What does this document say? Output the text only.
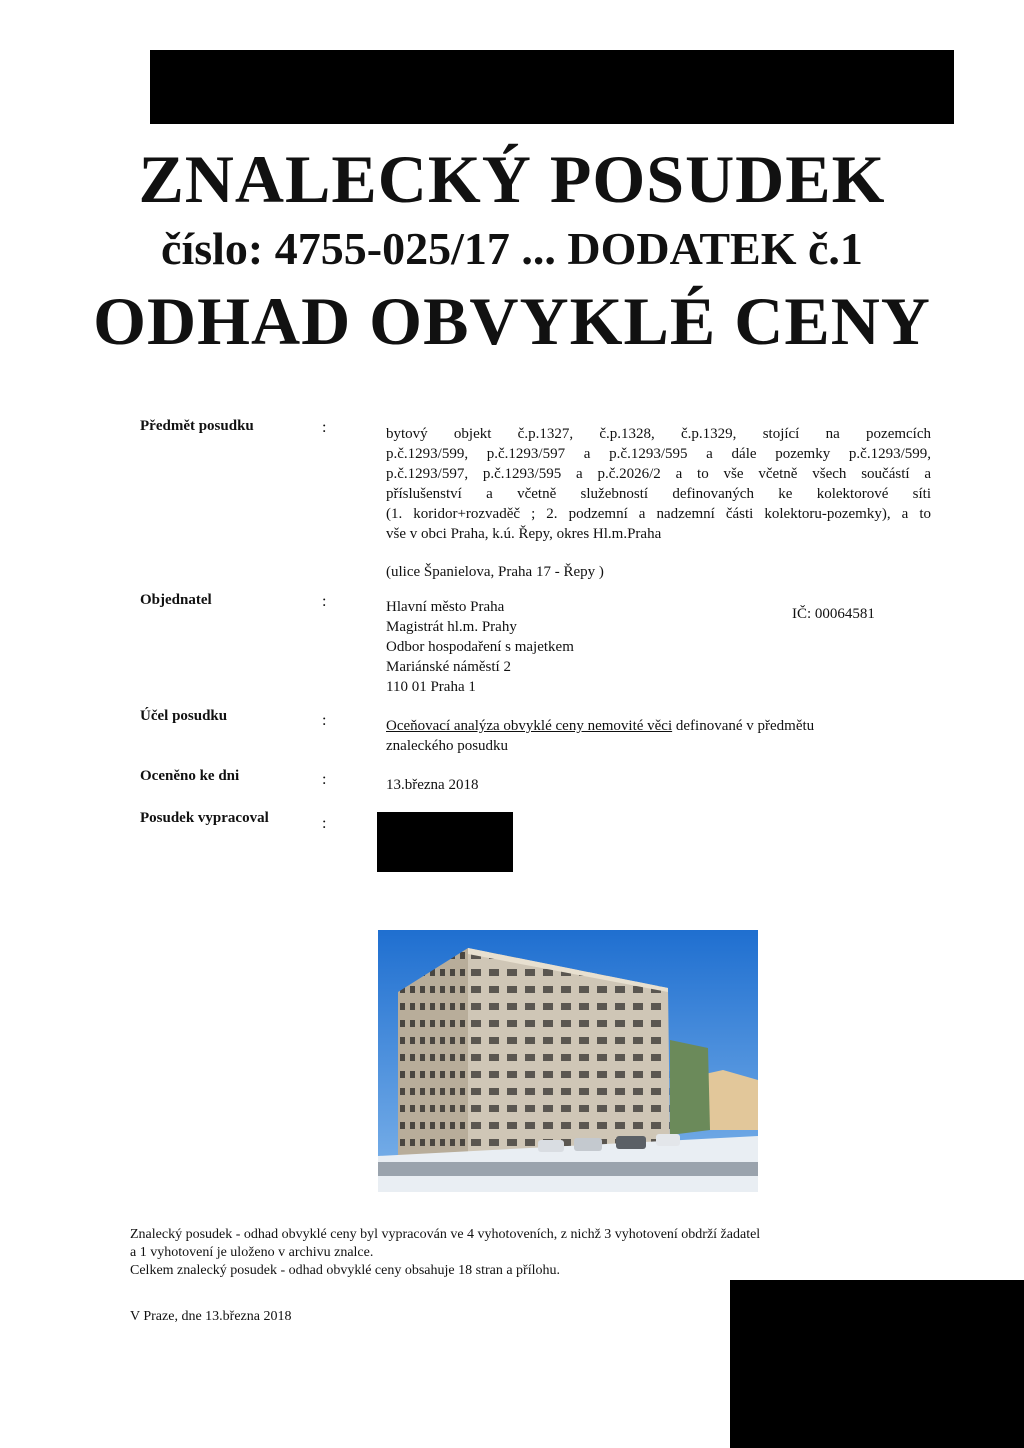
ZNALECKÝ POSUDEK
číslo: 4755-025/17 ... DODATEK č.1
ODHAD OBVYKLÉ CENY
Předmět posudku	:	bytový objekt č.p.1327, č.p.1328, č.p.1329, stojící na pozemcích
p.č.1293/599, p.č.1293/597 a p.č.1293/595 a dále pozemky p.č.1293/599,
p.č.1293/597, p.č.1293/595 a p.č.2026/2 a to vše včetně všech součástí a
příslušenství a včetně služebností definovaných ke kolektorové síti
(1. koridor+rozvaděč ; 2. podzemní a nadzemní části kolektoru-pozemky), a to
vše v obci Praha, k.ú. Řepy, okres Hl.m.Praha
(ulice Španielova, Praha 17 - Řepy )
Objednatel	:	Hlavní město Praha
Magistrát hl.m. Prahy
Odbor hospodaření s majetkem
Mariánské náměstí 2
110 01 Praha 1
IČ: 00064581
Účel posudku	:	Oceňovací analýza obvyklé ceny nemovité věci definované v předmětu
znaleckého posudku
Oceněno ke dni	:	13.března 2018
Posudek vypracoval	:
Znalecký posudek - odhad obvyklé ceny byl vypracován ve 4 vyhotoveních, z nichž 3 vyhotovení obdrží žadatel
a 1 vyhotovení je uloženo v archivu znalce.
Celkem znalecký posudek - odhad obvyklé ceny obsahuje 18 stran a přílohu.
V Praze, dne 13.března 2018
